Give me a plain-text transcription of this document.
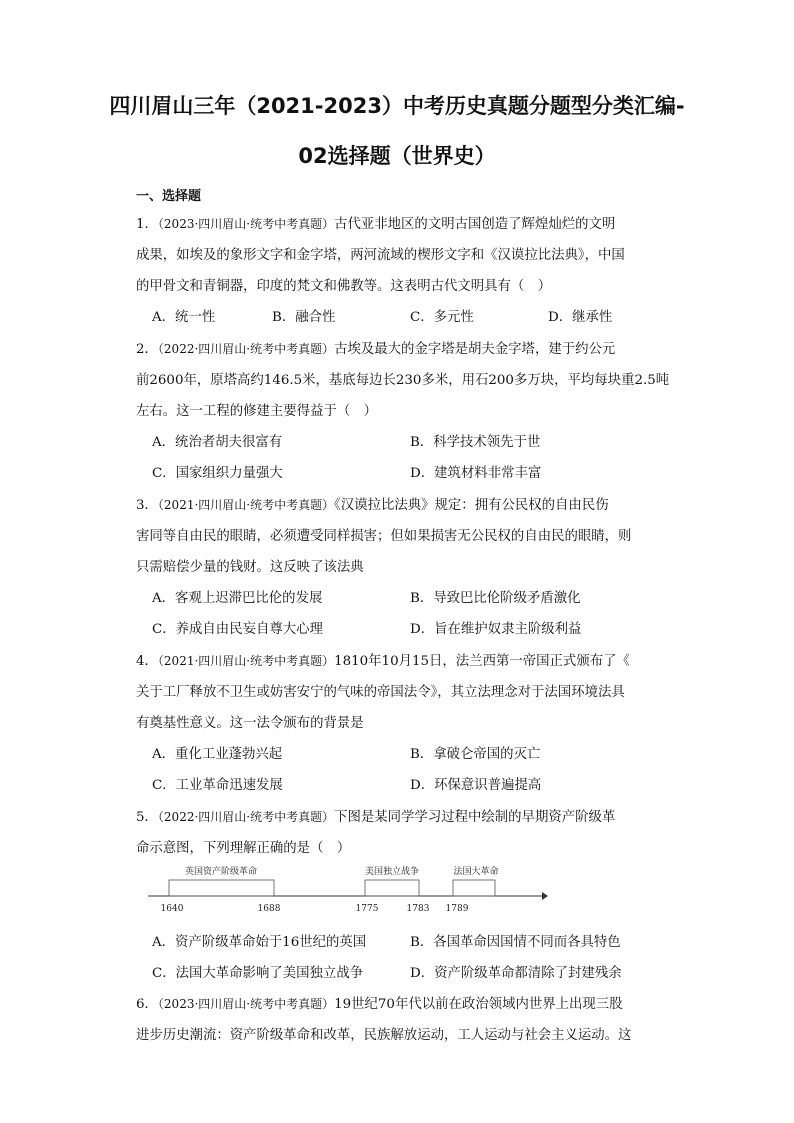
四川眉山三年（2021-2023）中考历史真题分题型分类汇编-
02选择题（世界史）
一、选择题
1．（2023·四川眉山·统考中考真题）古代亚非地区的文明古国创造了辉煌灿烂的文明
成果，如埃及的象形文字和金字塔，两河流域的楔形文字和《汉谟拉比法典》，中国
的甲骨文和青铜器，印度的梵文和佛教等。这表明古代文明具有（　）
A．统一性	B．融合性	C．多元性	D．继承性
2．（2022·四川眉山·统考中考真题）古埃及最大的金字塔是胡夫金字塔，建于约公元
前2600年，原塔高约146.5米，基底每边长230多米，用石200多万块，平均每块重2.5吨
左右。这一工程的修建主要得益于（　）
A．统治者胡夫很富有	B．科学技术领先于世
C．国家组织力量强大	D．建筑材料非常丰富
3．（2021·四川眉山·统考中考真题）《汉谟拉比法典》规定：拥有公民权的自由民伤
害同等自由民的眼睛，必须遭受同样损害；但如果损害无公民权的自由民的眼睛，则
只需赔偿少量的钱财。这反映了该法典
A．客观上迟滞巴比伦的发展	B．导致巴比伦阶级矛盾激化
C．养成自由民妄自尊大心理	D．旨在维护奴隶主阶级利益
4．（2021·四川眉山·统考中考真题）1810年10月15日，法兰西第一帝国正式颁布了《
关于工厂释放不卫生或妨害安宁的气味的帝国法令》，其立法理念对于法国环境法具
有奠基性意义。这一法令颁布的背景是
A．重化工业蓬勃兴起	B．拿破仑帝国的灭亡
C．工业革命迅速发展	D．环保意识普遍提高
5．（2022·四川眉山·统考中考真题）下图是某同学学习过程中绘制的早期资产阶级革
命示意图，下列理解正确的是（　）
英国资产阶级革命	美国独立战争	法国大革命
1640	1688	1775	1783 1789
A．资产阶级革命始于16世纪的英国	B．各国革命因国情不同而各具特色
C．法国大革命影响了美国独立战争	D．资产阶级革命都清除了封建残余
6．（2023·四川眉山·统考中考真题）19世纪70年代以前在政治领域内世界上出现三股
进步历史潮流：资产阶级革命和改革，民族解放运动，工人运动与社会主义运动。这
